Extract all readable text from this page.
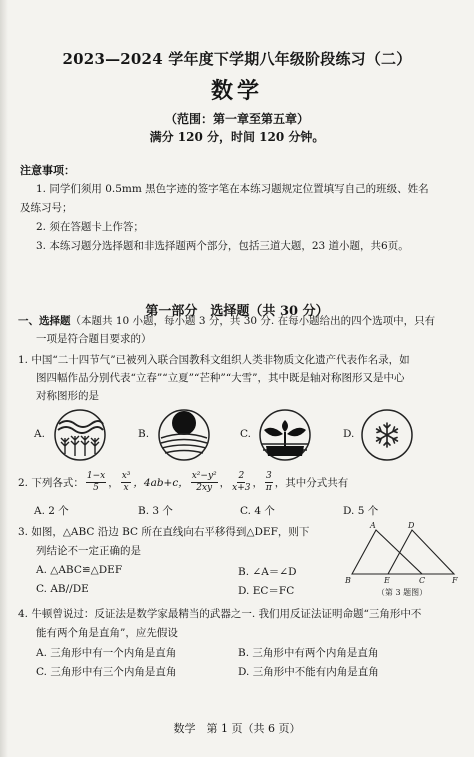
2023—2024 学年度下学期八年级阶段练习（二）
数学
（范围：第一章至第五章）
满分 120 分，时间 120 分钟。
注意事项：
1. 同学们须用 0.5mm 黑色字迹的签字笔在本练习题规定位置填写自己的班级、姓名
及练习号；
2. 须在答题卡上作答；
3. 本练习题分选择题和非选择题两个部分，包括三道大题，23 道小题，共6页。
第一部分　选择题（共 30 分）
一、选择题（本题共 10 小题，每小题 3 分，共 30 分. 在每小题给出的四个选项中，只有
一项是符合题目要求的）
1. 中国“二十四节气”已被列入联合国教科文组织人类非物质文化遗产代表作名录，如
图四幅作品分别代表“立春”“立夏”“芒种”“大雪”，其中既是轴对称图形又是中心
对称图形的是
A.	B.	C.	D.
2. 下列各式： $\frac{1-x}{5}$ ， $\frac{\text{x³}}{x}$ ，4ab+c， $\frac{\text{x²−y²}}{2xy}$ ， $\frac{2}{x+3}$ ， $\frac{3}{\pi}$ ，其中分式共有
A. 2 个	B. 3 个	C. 4 个	D. 5 个
3. 如图，△ABC 沿边 BC 所在直线向右平移得到△DEF，则下
列结论不一定正确的是
A. △ABC≌△DEF	B. ∠A＝∠D
C. AB//DE	D. EC＝FC
A	D
B	E	C	F
（第 3 题图）
4. 牛顿曾说过：反证法是数学家最精当的武器之一. 我们用反证法证明命题“三角形中不
能有两个角是直角”，应先假设
A. 三角形中有一个内角是直角	B. 三角形中有两个内角是直角
C. 三角形中有三个内角是直角	D. 三角形中不能有内角是直角
数学　第 1 页（共 6 页）
